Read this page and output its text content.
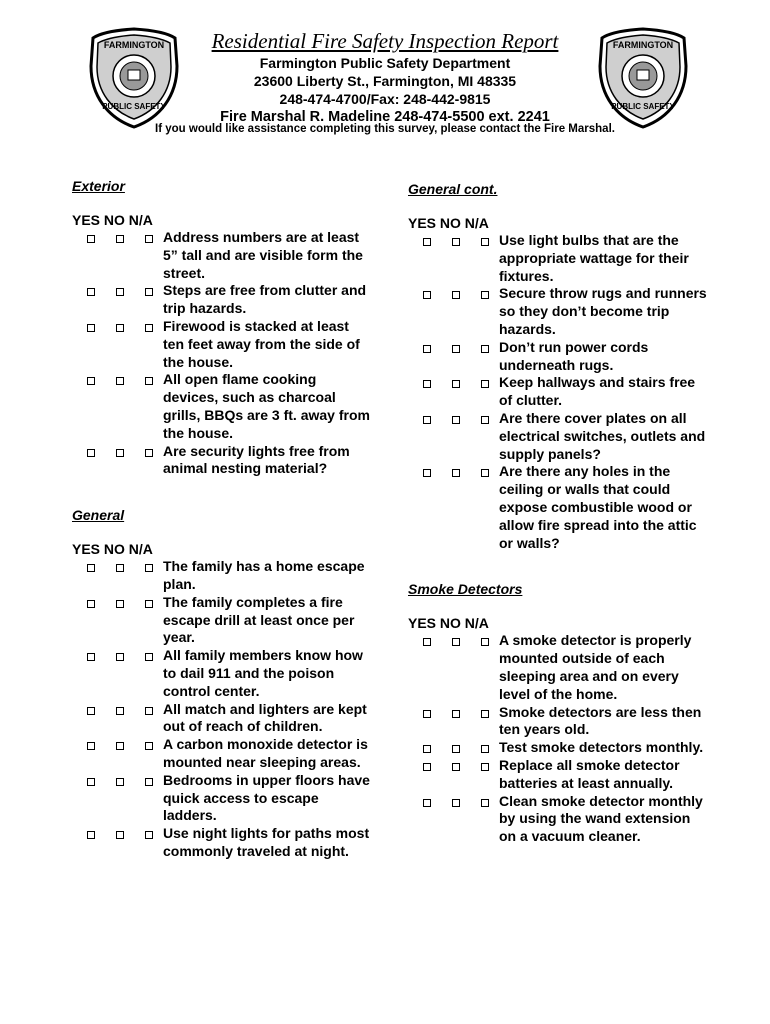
FARMINGTON
PUBLIC SAFETY
FARMINGTON
PUBLIC SAFETY
Residential Fire Safety Inspection Report
Farmington Public Safety Department
23600 Liberty St., Farmington, MI 48335
248-474-4700/Fax: 248-442-9815
Fire Marshal R. Madeline 248-474-5500 ext. 2241
If you would like assistance completing this survey, please contact the Fire Marshal.
Exterior
YES NO N/A
Address numbers are at least 5” tall and are visible form the street.
Steps are free from clutter and trip hazards.
Firewood is stacked at least ten feet away from the side of the house.
All open flame cooking devices, such as charcoal grills, BBQs are 3 ft. away from the house.
Are security lights free from animal nesting material?
General
YES NO N/A
The family has a home escape plan.
The family completes a fire escape drill at least once per year.
All family members know how to dail 911 and the poison control center.
All match and lighters are kept out of reach of children.
A carbon monoxide detector is mounted near sleeping areas.
Bedrooms in upper floors have quick access to escape ladders.
Use night lights for paths most commonly traveled at night.
General cont.
YES NO N/A
Use light bulbs that are the appropriate wattage for their fixtures.
Secure throw rugs and runners so they don’t become trip hazards.
Don’t run power cords underneath rugs.
Keep hallways and stairs free of clutter.
Are there cover plates on all electrical switches, outlets and supply panels?
Are there any holes in the ceiling or walls that could expose combustible wood or allow fire spread into the attic or walls?
Smoke Detectors
YES NO N/A
A smoke detector is properly mounted outside of each sleeping area and on every level of the home.
Smoke detectors are less then ten years old.
Test smoke detectors monthly.
Replace all smoke detector batteries at least annually.
Clean smoke detector monthly by using the wand extension on a vacuum cleaner.
